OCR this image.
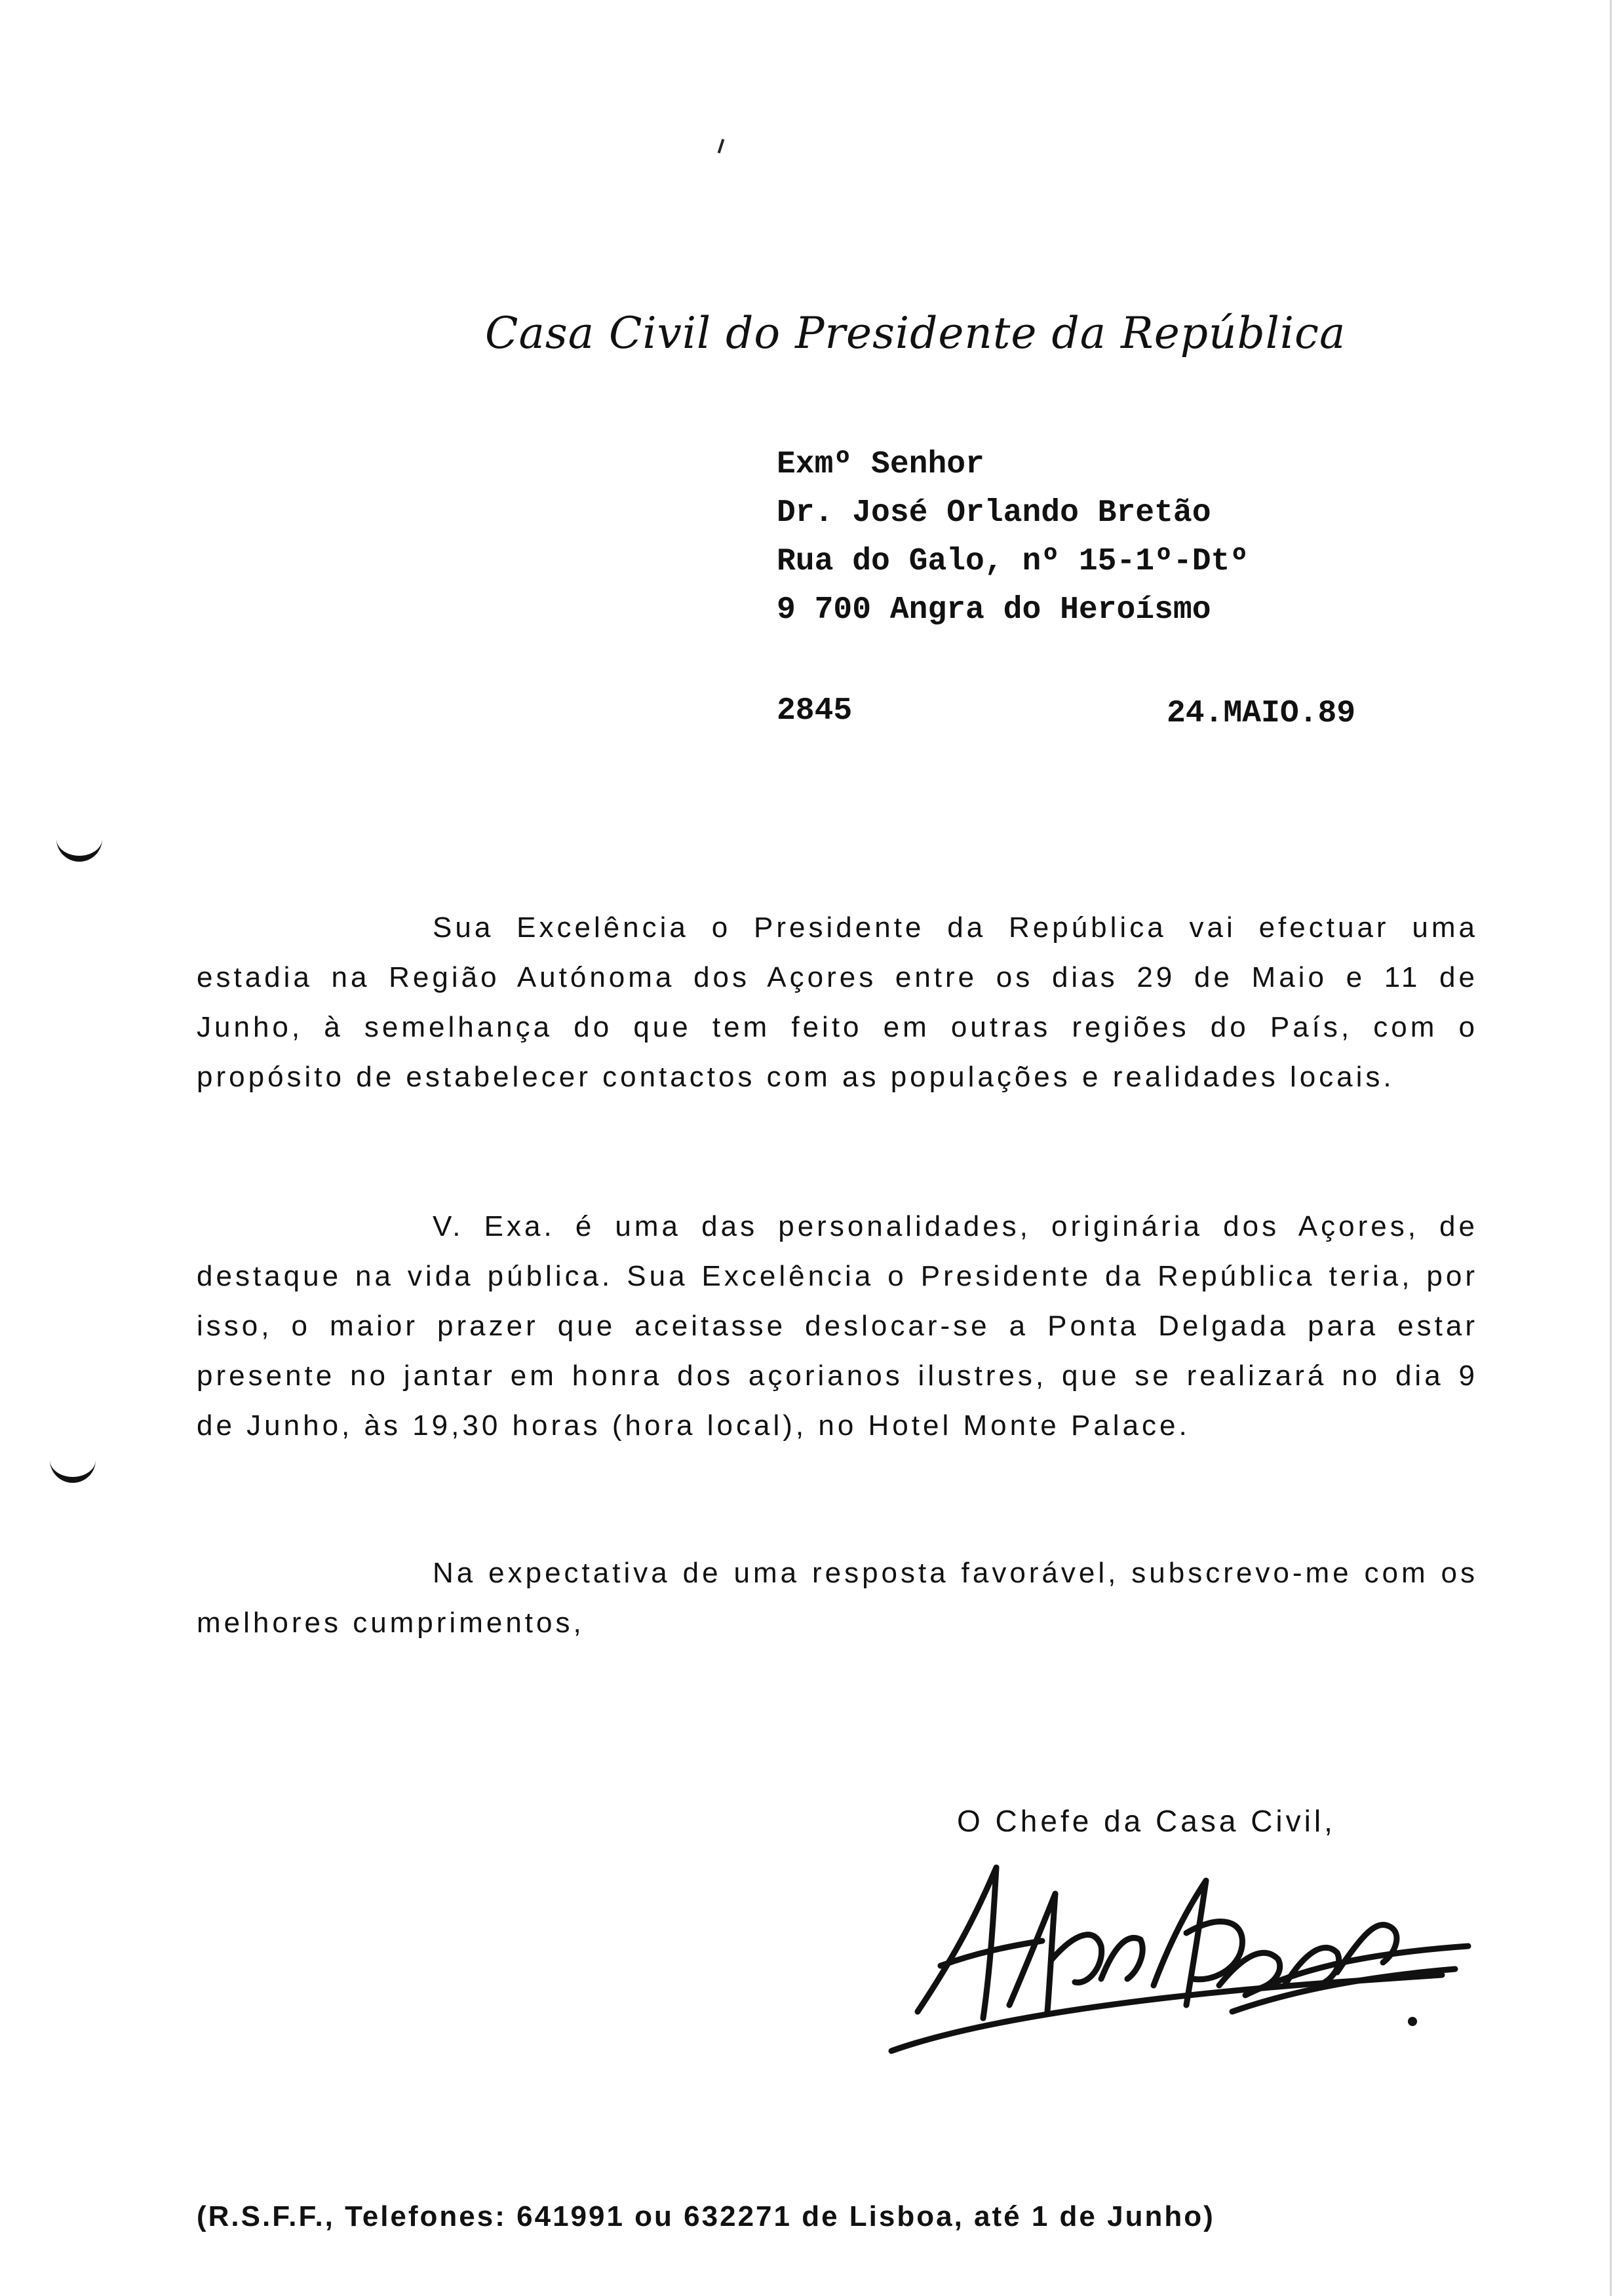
Casa Civil do Presidente da República
Exmº Senhor
Dr. José Orlando Bretão
Rua do Galo, nº 15-1º-Dtº
9 700 Angra do Heroísmo
2845	24.MAIO.89
Sua Excelência o Presidente da República vai efectuar uma estadia na Região Autónoma dos Açores entre os dias 29 de Maio e 11 de Junho, à semelhança do que tem feito em outras regiões do País, com o propósito de estabelecer contactos com as populações e realidades locais.
V. Exa. é uma das personalidades, originária dos Açores, de destaque na vida pública. Sua Excelência o Presidente da República teria, por isso, o maior prazer que aceitasse deslocar-se a Ponta Delgada para estar presente no jantar em honra dos açorianos ilustres, que se realizará no dia 9 de Junho, às 19,30 horas (hora local), no Hotel Monte Palace.
Na expectativa de uma resposta favorável, subscrevo-me com os melhores cumprimentos,
O Chefe da Casa Civil,
Alfredo Barroso
(R.S.F.F., Telefones: 641991 ou 632271 de Lisboa, até 1 de Junho)
